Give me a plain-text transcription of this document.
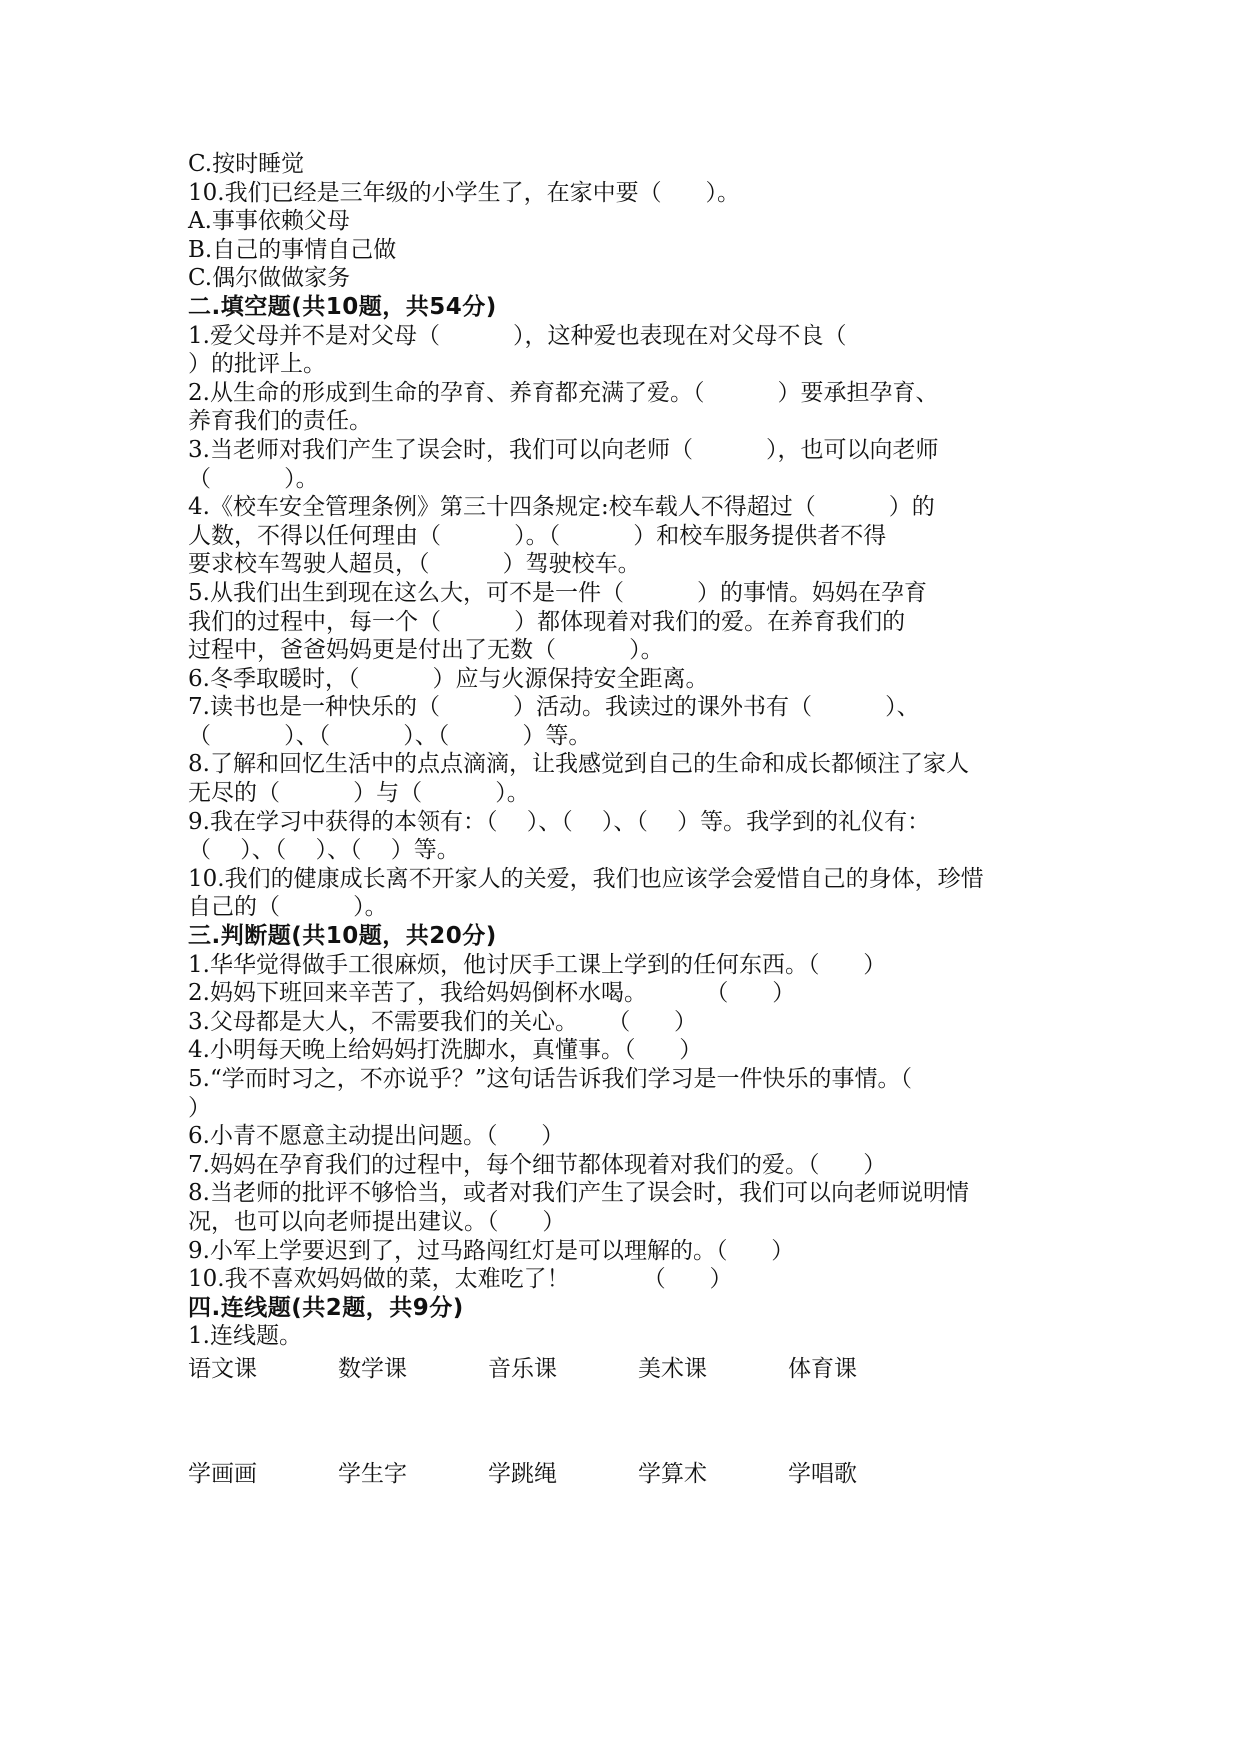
C.按时睡觉
10.我们已经是三年级的小学生了，在家中要（      ）。
A.事事依赖父母
B.自己的事情自己做
C.偶尔做做家务
二.填空题(共10题，共54分)
1.爱父母并不是对父母（          ），这种爱也表现在对父母不良（
）的批评上。
2.从生命的形成到生命的孕育、养育都充满了爱。（          ）要承担孕育、
养育我们的责任。
3.当老师对我们产生了误会时，我们可以向老师（          ），也可以向老师
（          ）。
4.《校车安全管理条例》第三十四条规定:校车载人不得超过（          ）的
人数，不得以任何理由（          ）。（          ）和校车服务提供者不得
要求校车驾驶人超员，（          ）驾驶校车。
5.从我们出生到现在这么大，可不是一件（          ）的事情。妈妈在孕育
我们的过程中，每一个（          ）都体现着对我们的爱。在养育我们的
过程中，爸爸妈妈更是付出了无数（          ）。
6.冬季取暖时，（          ）应与火源保持安全距离。
7.读书也是一种快乐的（          ）活动。我读过的课外书有（          ）、
（          ）、（          ）、（          ）等。
8.了解和回忆生活中的点点滴滴，让我感觉到自己的生命和成长都倾注了家人
无尽的（          ）与（          ）。
9.我在学习中获得的本领有：（    ）、（    ）、（    ）等。我学到的礼仪有：
（    ）、（    ）、（    ）等。
10.我们的健康成长离不开家人的关爱，我们也应该学会爱惜自己的身体，珍惜
自己的（          ）。
三.判断题(共10题，共20分)
1.华华觉得做手工很麻烦，他讨厌手工课上学到的任何东西。（      ）
2.妈妈下班回来辛苦了，我给妈妈倒杯水喝。        （      ）
3.父母都是大人，不需要我们的关心。    （      ）
4.小明每天晚上给妈妈打洗脚水，真懂事。（      ）
5.“学而时习之，不亦说乎？”这句话告诉我们学习是一件快乐的事情。（
）
6.小青不愿意主动提出问题。（      ）
7.妈妈在孕育我们的过程中，每个细节都体现着对我们的爱。（      ）
8.当老师的批评不够恰当，或者对我们产生了误会时，我们可以向老师说明情
况，也可以向老师提出建议。（      ）
9.小军上学要迟到了，过马路闯红灯是可以理解的。（      ）
10.我不喜欢妈妈做的菜，太难吃了！          （      ）
四.连线题(共2题，共9分)
1.连线题。
语文课	数学课	音乐课	美术课	体育课
学画画	学生字	学跳绳	学算术	学唱歌
